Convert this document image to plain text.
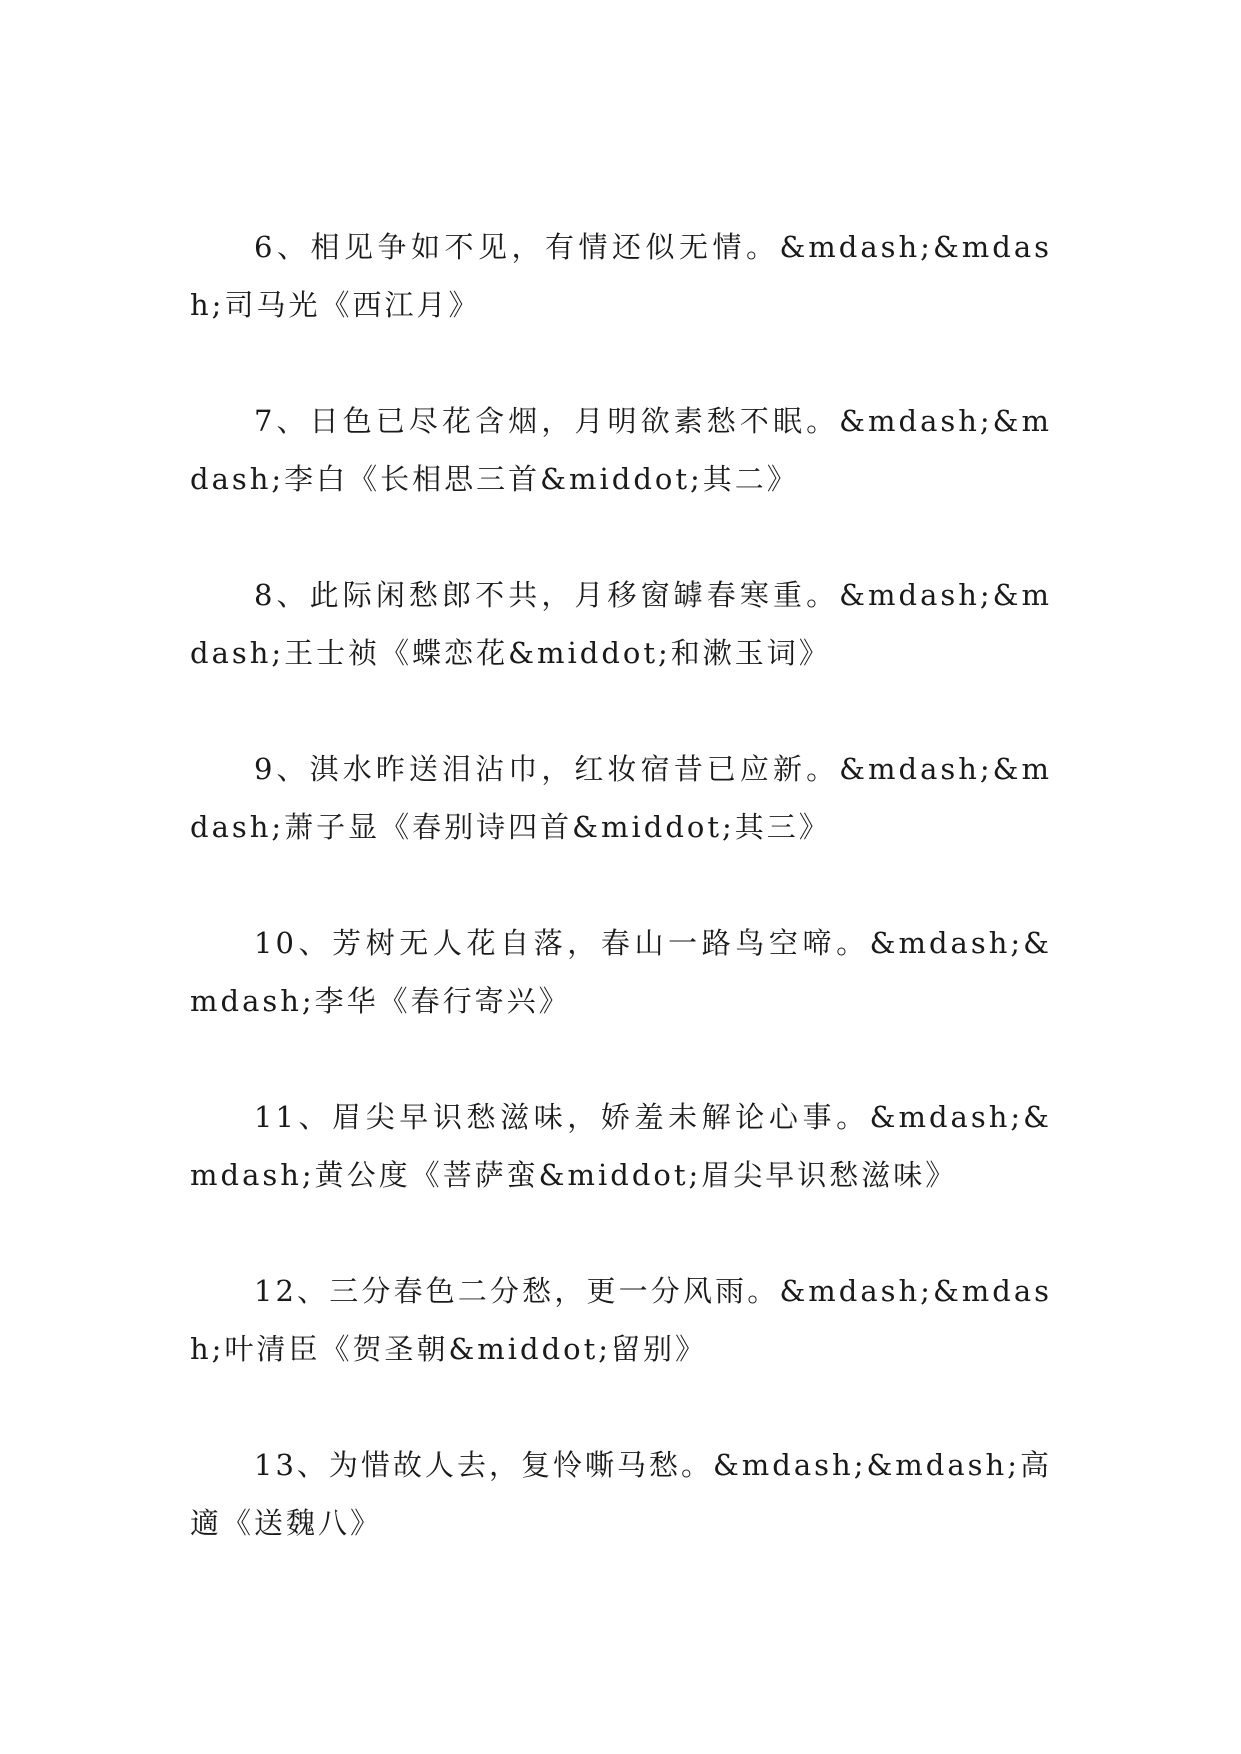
6、相见争如不见，有情还似无情。&mdash;&mdash;司马光《西江月》

7、日色已尽花含烟，月明欲素愁不眠。&mdash;&mdash;李白《长相思三首&middot;其二》

8、此际闲愁郎不共，月移窗罅春寒重。&mdash;&mdash;王士祯《蝶恋花&middot;和漱玉词》

9、淇水昨送泪沾巾，红妆宿昔已应新。&mdash;&mdash;萧子显《春别诗四首&middot;其三》

10、芳树无人花自落，春山一路鸟空啼。&mdash;&mdash;李华《春行寄兴》

11、眉尖早识愁滋味，娇羞未解论心事。&mdash;&mdash;黄公度《菩萨蛮&middot;眉尖早识愁滋味》

12、三分春色二分愁，更一分风雨。&mdash;&mdash;叶清臣《贺圣朝&middot;留别》

13、为惜故人去，复怜嘶马愁。&mdash;&mdash;高適《送魏八》
